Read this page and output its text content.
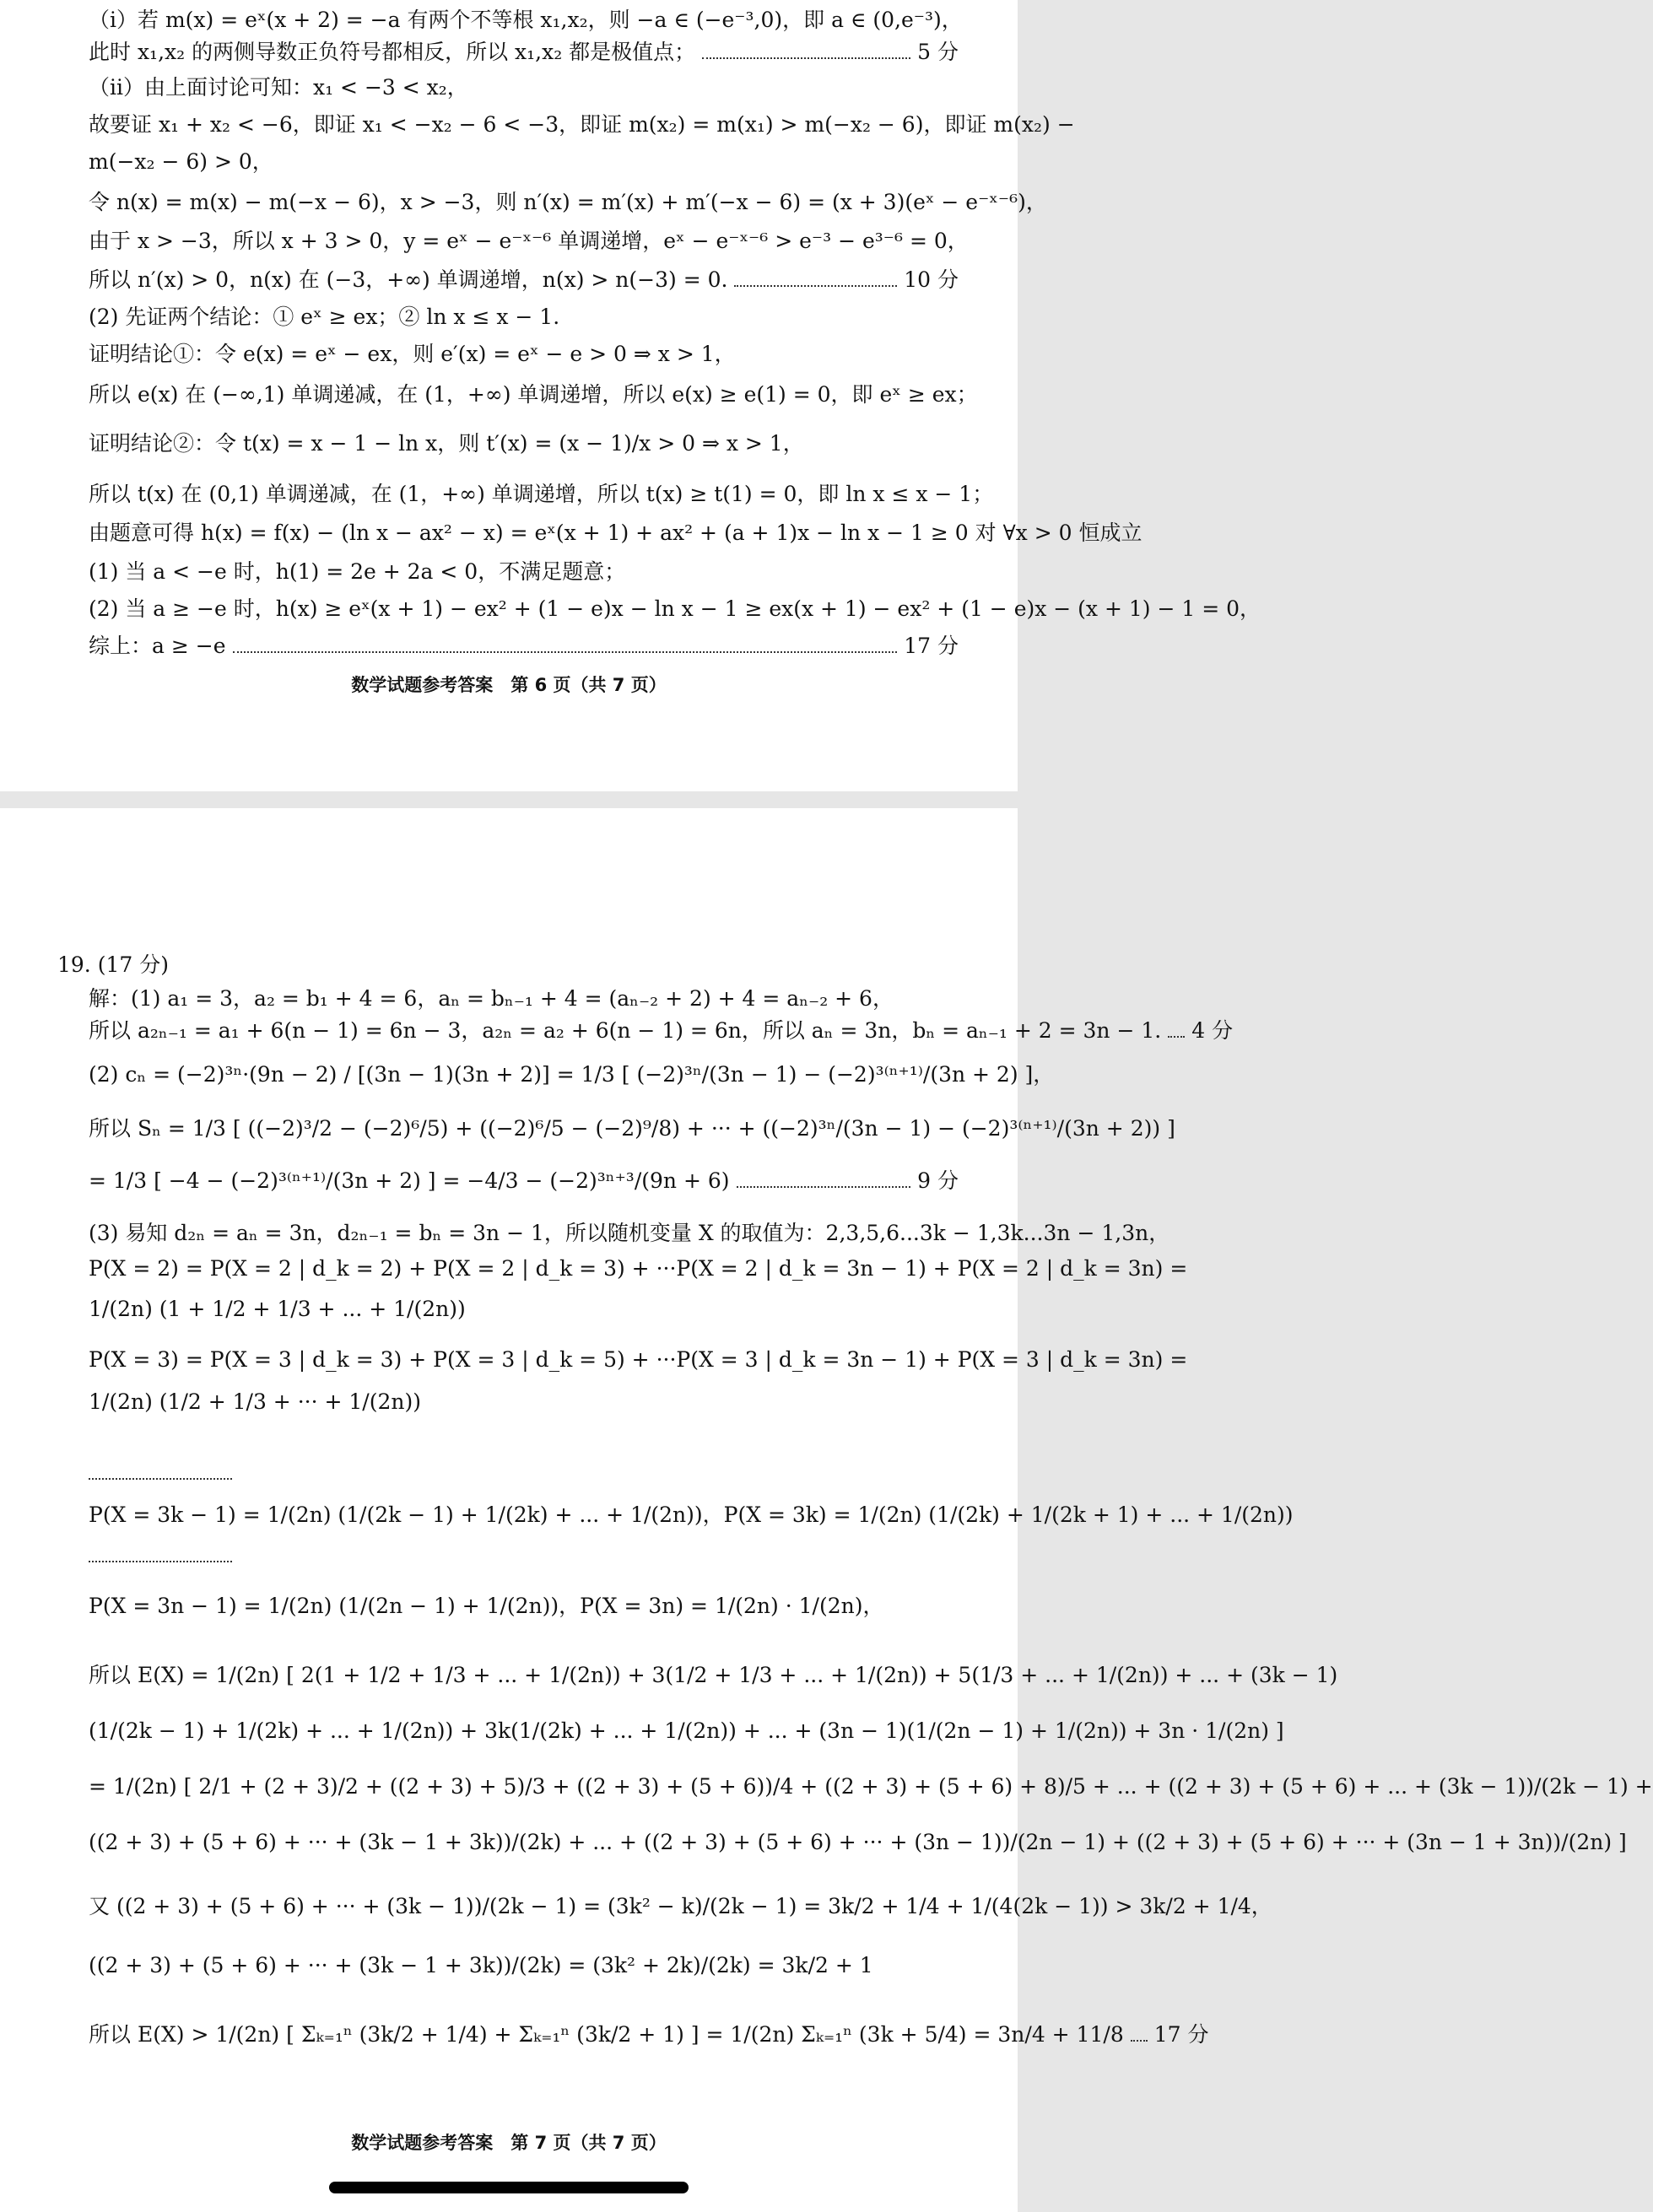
（ⅰ）若 m(x) = eˣ(x + 2) = −a 有两个不等根 x₁,x₂，则 −a ∈ (−e⁻³,0)，即 a ∈ (0,e⁻³)，
此时 x₁,x₂ 的两侧导数正负符号都相反，所以 x₁,x₂ 都是极值点；	5 分
（ⅱ）由上面讨论可知：x₁ < −3 < x₂，
故要证 x₁ + x₂ < −6，即证 x₁ < −x₂ − 6 < −3，即证 m(x₂) = m(x₁) > m(−x₂ − 6)，即证 m(x₂) −
m(−x₂ − 6) > 0，
令 n(x) = m(x) − m(−x − 6)，x > −3，则 n′(x) = m′(x) + m′(−x − 6) = (x + 3)(eˣ − e⁻ˣ⁻⁶)，
由于 x > −3，所以 x + 3 > 0，y = eˣ − e⁻ˣ⁻⁶ 单调递增，eˣ − e⁻ˣ⁻⁶ > e⁻³ − e³⁻⁶ = 0，
所以 n′(x) > 0，n(x) 在 (−3，+∞) 单调递增，n(x) > n(−3) = 0.	10 分
(2) 先证两个结论：① eˣ ≥ ex；② ln x ≤ x − 1.
证明结论①：令 e(x) = eˣ − ex，则 e′(x) = eˣ − e > 0 ⇒ x > 1，
所以 e(x) 在 (−∞,1) 单调递减，在 (1，+∞) 单调递增，所以 e(x) ≥ e(1) = 0，即 eˣ ≥ ex；
证明结论②：令 t(x) = x − 1 − ln x，则 t′(x) = (x − 1)/x > 0 ⇒ x > 1，
所以 t(x) 在 (0,1) 单调递减，在 (1，+∞) 单调递增，所以 t(x) ≥ t(1) = 0，即 ln x ≤ x − 1；
由题意可得 h(x) = f(x) − (ln x − ax² − x) = eˣ(x + 1) + ax² + (a + 1)x − ln x − 1 ≥ 0 对 ∀x > 0 恒成立
(1) 当 a < −e 时，h(1) = 2e + 2a < 0，不满足题意；
(2) 当 a ≥ −e 时，h(x) ≥ eˣ(x + 1) − ex² + (1 − e)x − ln x − 1 ≥ ex(x + 1) − ex² + (1 − e)x − (x + 1) − 1 = 0，
综上：a ≥ −e	17 分
数学试题参考答案　第 6 页（共 7 页）
19. (17 分)
解：(1) a₁ = 3，a₂ = b₁ + 4 = 6，aₙ = bₙ₋₁ + 4 = (aₙ₋₂ + 2) + 4 = aₙ₋₂ + 6，
所以 a₂ₙ₋₁ = a₁ + 6(n − 1) = 6n − 3，a₂ₙ = a₂ + 6(n − 1) = 6n，所以 aₙ = 3n，bₙ = aₙ₋₁ + 2 = 3n − 1. 4 分
(2) cₙ = (−2)³ⁿ·(9n − 2) / [(3n − 1)(3n + 2)] = 1/3 [ (−2)³ⁿ/(3n − 1) − (−2)³⁽ⁿ⁺¹⁾/(3n + 2) ]，
所以 Sₙ = 1/3 [ ((−2)³/2 − (−2)⁶/5) + ((−2)⁶/5 − (−2)⁹/8) + ··· + ((−2)³ⁿ/(3n − 1) − (−2)³⁽ⁿ⁺¹⁾/(3n + 2)) ]
= 1/3 [ −4 − (−2)³⁽ⁿ⁺¹⁾/(3n + 2) ] = −4/3 − (−2)³ⁿ⁺³/(9n + 6)	9 分
(3) 易知 d₂ₙ = aₙ = 3n，d₂ₙ₋₁ = bₙ = 3n − 1，所以随机变量 X 的取值为：2,3,5,6...3k − 1,3k...3n − 1,3n，
P(X = 2) = P(X = 2 | d_k = 2) + P(X = 2 | d_k = 3) + ···P(X = 2 | d_k = 3n − 1) + P(X = 2 | d_k = 3n) =
1/(2n) (1 + 1/2 + 1/3 + ... + 1/(2n))
P(X = 3) = P(X = 3 | d_k = 3) + P(X = 3 | d_k = 5) + ···P(X = 3 | d_k = 3n − 1) + P(X = 3 | d_k = 3n) =
1/(2n) (1/2 + 1/3 + ··· + 1/(2n))
P(X = 3k − 1) = 1/(2n) (1/(2k − 1) + 1/(2k) + ... + 1/(2n))，P(X = 3k) = 1/(2n) (1/(2k) + 1/(2k + 1) + ... + 1/(2n))
P(X = 3n − 1) = 1/(2n) (1/(2n − 1) + 1/(2n))，P(X = 3n) = 1/(2n) · 1/(2n)，
所以 E(X) = 1/(2n) [ 2(1 + 1/2 + 1/3 + ... + 1/(2n)) + 3(1/2 + 1/3 + ... + 1/(2n)) + 5(1/3 + ... + 1/(2n)) + ... + (3k − 1)
(1/(2k − 1) + 1/(2k) + ... + 1/(2n)) + 3k(1/(2k) + ... + 1/(2n)) + ... + (3n − 1)(1/(2n − 1) + 1/(2n)) + 3n · 1/(2n) ]
= 1/(2n) [ 2/1 + (2 + 3)/2 + ((2 + 3) + 5)/3 + ((2 + 3) + (5 + 6))/4 + ((2 + 3) + (5 + 6) + 8)/5 + ... + ((2 + 3) + (5 + 6) + ... + (3k − 1))/(2k − 1) +
((2 + 3) + (5 + 6) + ··· + (3k − 1 + 3k))/(2k) + ... + ((2 + 3) + (5 + 6) + ··· + (3n − 1))/(2n − 1) + ((2 + 3) + (5 + 6) + ··· + (3n − 1 + 3n))/(2n) ]
又 ((2 + 3) + (5 + 6) + ··· + (3k − 1))/(2k − 1) = (3k² − k)/(2k − 1) = 3k/2 + 1/4 + 1/(4(2k − 1)) > 3k/2 + 1/4，
((2 + 3) + (5 + 6) + ··· + (3k − 1 + 3k))/(2k) = (3k² + 2k)/(2k) = 3k/2 + 1
所以 E(X) > 1/(2n) [ Σₖ₌₁ⁿ (3k/2 + 1/4) + Σₖ₌₁ⁿ (3k/2 + 1) ] = 1/(2n) Σₖ₌₁ⁿ (3k + 5/4) = 3n/4 + 11/8 17 分
数学试题参考答案　第 7 页（共 7 页）
